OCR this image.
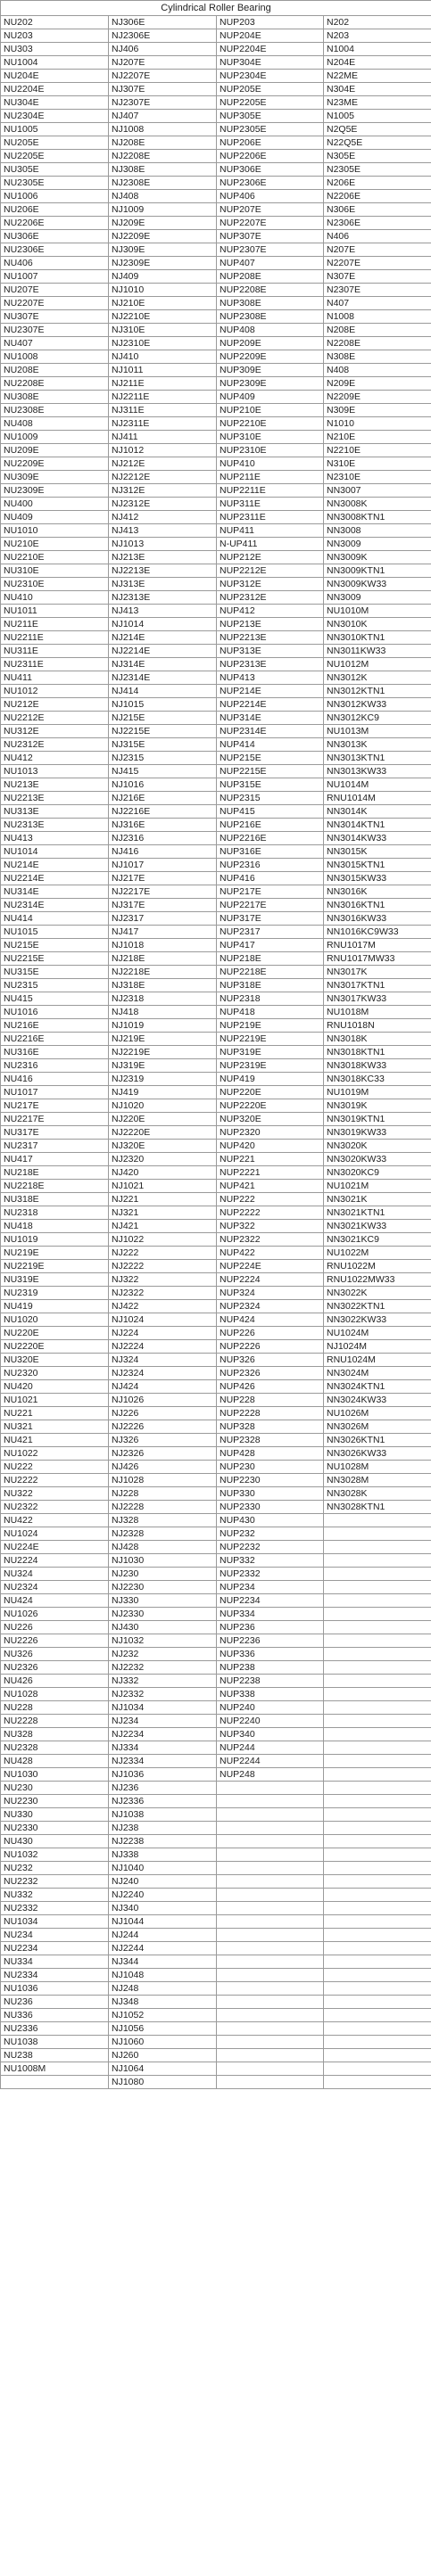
Cylindrical Roller Bearing			
NU202	NJ306E	NUP203	N202
NU203	NJ2306E	NUP204E	N203
NU303	NJ406	NUP2204E	N1004
NU1004	NJ207E	NUP304E	N204E
NU204E	NJ2207E	NUP2304E	N22ME
NU2204E	NJ307E	NUP205E	N304E
NU304E	NJ2307E	NUP2205E	N23ME
NU2304E	NJ407	NUP305E	N1005
NU1005	NJ1008	NUP2305E	N2Q5E
NU205E	NJ208E	NUP206E	N22Q5E
NU2205E	NJ2208E	NUP2206E	N305E
NU305E	NJ308E	NUP306E	N2305E
NU2305E	NJ2308E	NUP2306E	N206E
NU1006	NJ408	NUP406	N2206E
NU206E	NJ1009	NUP207E	N306E
NU2206E	NJ209E	NUP2207E	N2306E
NU306E	NJ2209E	NUP307E	N406
NU2306E	NJ309E	NUP2307E	N207E
NU406	NJ2309E	NUP407	N2207E
NU1007	NJ409	NUP208E	N307E
NU207E	NJ1010	NUP2208E	N2307E
NU2207E	NJ210E	NUP308E	N407
NU307E	NJ2210E	NUP2308E	N1008
NU2307E	NJ310E	NUP408	N208E
NU407	NJ2310E	NUP209E	N2208E
NU1008	NJ410	NUP2209E	N308E
NU208E	NJ1011	NUP309E	N408
NU2208E	NJ211E	NUP2309E	N209E
NU308E	NJ2211E	NUP409	N2209E
NU2308E	NJ311E	NUP210E	N309E
NU408	NJ2311E	NUP2210E	N1010
NU1009	NJ411	NUP310E	N210E
NU209E	NJ1012	NUP2310E	N2210E
NU2209E	NJ212E	NUP410	N310E
NU309E	NJ2212E	NUP211E	N2310E
NU2309E	NJ312E	NUP2211E	NN3007
NU400	NJ2312E	NUP311E	NN3008K
NU409	NJ412	NUP2311E	NN3008KTN1
NU1010	NJ413	NUP411	NN3008
NU210E	NJ1013	N-UP411	NN3009
NU2210E	NJ213E	NUP212E	NN3009K
NU310E	NJ2213E	NUP2212E	NN3009KTN1
NU2310E	NJ313E	NUP312E	NN3009KW33
NU410	NJ2313E	NUP2312E	NN3009
NU1011	NJ413	NUP412	NU1010M
NU211E	NJ1014	NUP213E	NN3010K
NU2211E	NJ214E	NUP2213E	NN3010KTN1
NU311E	NJ2214E	NUP313E	NN3011KW33
NU2311E	NJ314E	NUP2313E	NU1012M
NU411	NJ2314E	NUP413	NN3012K
NU1012	NJ414	NUP214E	NN3012KTN1
NU212E	NJ1015	NUP2214E	NN3012KW33
NU2212E	NJ215E	NUP314E	NN3012KC9
NU312E	NJ2215E	NUP2314E	NU1013M
NU2312E	NJ315E	NUP414	NN3013K
NU412	NJ2315	NUP215E	NN3013KTN1
NU1013	NJ415	NUP2215E	NN3013KW33
NU213E	NJ1016	NUP315E	NU1014M
NU2213E	NJ216E	NUP2315	RNU1014M
NU313E	NJ2216E	NUP415	NN3014K
NU2313E	NJ316E	NUP216E	NN3014KTN1
NU413	NJ2316	NUP2216E	NN3014KW33
NU1014	NJ416	NUP316E	NN3015K
NU214E	NJ1017	NUP2316	NN3015KTN1
NU2214E	NJ217E	NUP416	NN3015KW33
NU314E	NJ2217E	NUP217E	NN3016K
NU2314E	NJ317E	NUP2217E	NN3016KTN1
NU414	NJ2317	NUP317E	NN3016KW33
NU1015	NJ417	NUP2317	NN1016KC9W33
NU215E	NJ1018	NUP417	RNU1017M
NU2215E	NJ218E	NUP218E	RNU1017MW33
NU315E	NJ2218E	NUP2218E	NN3017K
NU2315	NJ318E	NUP318E	NN3017KTN1
NU415	NJ2318	NUP2318	NN3017KW33
NU1016	NJ418	NUP418	NU1018M
NU216E	NJ1019	NUP219E	RNU1018N
NU2216E	NJ219E	NUP2219E	NN3018K
NU316E	NJ2219E	NUP319E	NN3018KTN1
NU2316	NJ319E	NUP2319E	NN3018KW33
NU416	NJ2319	NUP419	NN3018KC33
NU1017	NJ419	NUP220E	NU1019M
NU217E	NJ1020	NUP2220E	NN3019K
NU2217E	NJ220E	NUP320E	NN3019KTN1
NU317E	NJ2220E	NUP2320	NN3019KW33
NU2317	NJ320E	NUP420	NN3020K
NU417	NJ2320	NUP221	NN3020KW33
NU218E	NJ420	NUP2221	NN3020KC9
NU2218E	NJ1021	NUP421	NU1021M
NU318E	NJ221	NUP222	NN3021K
NU2318	NJ321	NUP2222	NN3021KTN1
NU418	NJ421	NUP322	NN3021KW33
NU1019	NJ1022	NUP2322	NN3021KC9
NU219E	NJ222	NUP422	NU1022M
NU2219E	NJ2222	NUP224E	RNU1022M
NU319E	NJ322	NUP2224	RNU1022MW33
NU2319	NJ2322	NUP324	NN3022K
NU419	NJ422	NUP2324	NN3022KTN1
NU1020	NJ1024	NUP424	NN3022KW33
NU220E	NJ224	NUP226	NU1024M
NU2220E	NJ2224	NUP2226	NJ1024M
NU320E	NJ324	NUP326	RNU1024M
NU2320	NJ2324	NUP2326	NN3024M
NU420	NJ424	NUP426	NN3024KTN1
NU1021	NJ1026	NUP228	NN3024KW33
NU221	NJ226	NUP2228	NU1026M
NU321	NJ2226	NUP328	NN3026M
NU421	NJ326	NUP2328	NN3026KTN1
NU1022	NJ2326	NUP428	NN3026KW33
NU222	NJ426	NUP230	NU1028M
NU2222	NJ1028	NUP2230	NN3028M
NU322	NJ228	NUP330	NN3028K
NU2322	NJ2228	NUP2330	NN3028KTN1
NU422	NJ328	NUP430	
NU1024	NJ2328	NUP232	
NU224E	NJ428	NUP2232	
NU2224	NJ1030	NUP332	
NU324	NJ230	NUP2332	
NU2324	NJ2230	NUP234	
NU424	NJ330	NUP2234	
NU1026	NJ2330	NUP334	
NU226	NJ430	NUP236	
NU2226	NJ1032	NUP2236	
NU326	NJ232	NUP336	
NU2326	NJ2232	NUP238	
NU426	NJ332	NUP2238	
NU1028	NJ2332	NUP338	
NU228	NJ1034	NUP240	
NU2228	NJ234	NUP2240	
NU328	NJ2234	NUP340	
NU2328	NJ334	NUP244	
NU428	NJ2334	NUP2244	
NU1030	NJ1036	NUP248	
NU230	NJ236		
NU2230	NJ2336		
NU330	NJ1038		
NU2330	NJ238		
NU430	NJ2238		
NU1032	NJ338		
NU232	NJ1040		
NU2232	NJ240		
NU332	NJ2240		
NU2332	NJ340		
NU1034	NJ1044		
NU234	NJ244		
NU2234	NJ2244		
NU334	NJ344		
NU2334	NJ1048		
NU1036	NJ248		
NU236	NJ348		
NU336	NJ1052		
NU2336	NJ1056		
NU1038	NJ1060		
NU238	NJ260		
NU1008M	NJ1064		
	NJ1080		
